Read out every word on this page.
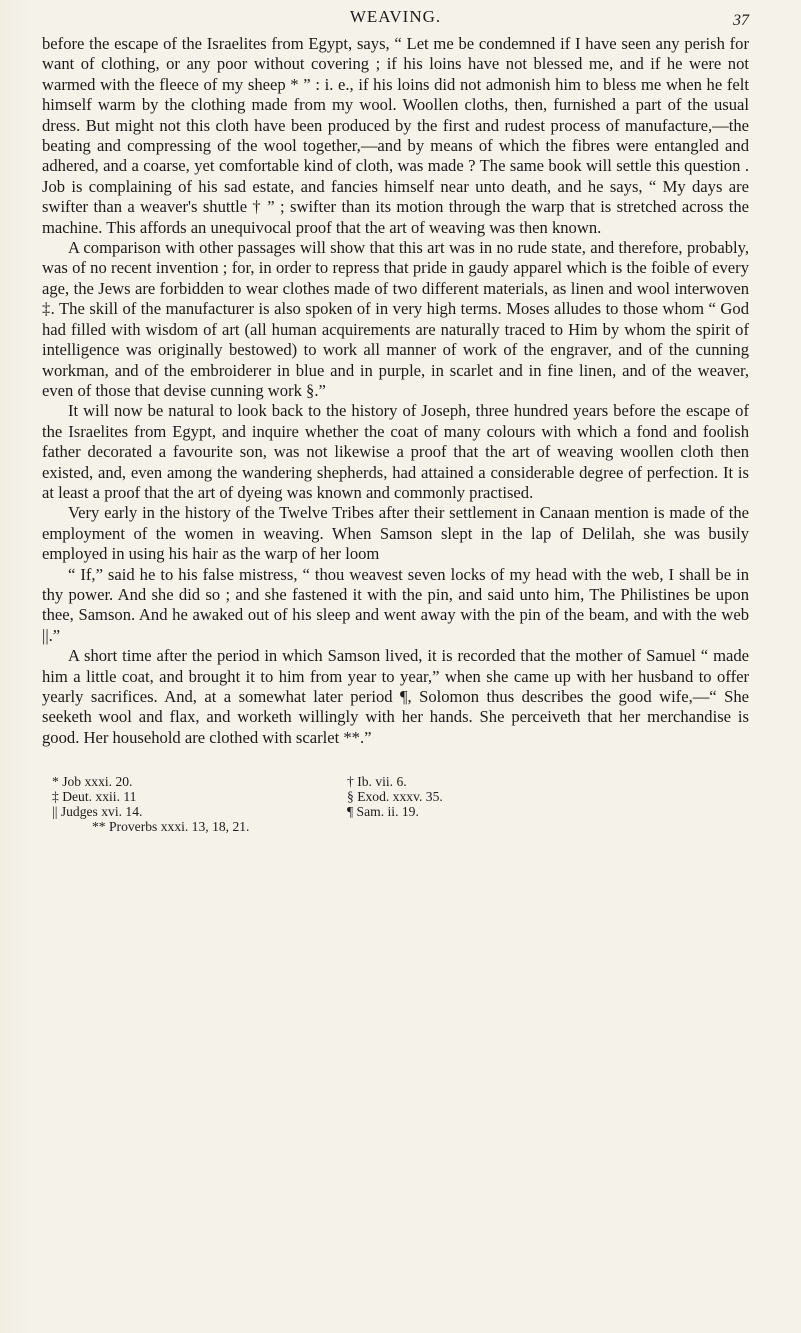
WEAVING.	37

before the escape of the Israelites from Egypt, says, “ Let me be condemned if I have seen any perish for want of clothing, or any poor without covering ; if his loins have not blessed me, and if he were not warmed with the fleece of my sheep * ” : i. e., if his loins did not admonish him to bless me when he felt himself warm by the clothing made from my wool. Woollen cloths, then, furnished a part of the usual dress. But might not this cloth have been produced by the first and rudest process of manufacture,—the beating and compressing of the wool together,—and by means of which the fibres were entangled and adhered, and a coarse, yet comfortable kind of cloth, was made ? The same book will settle this question . Job is complaining of his sad estate, and fancies himself near unto death, and he says, “ My days are swifter than a weaver's shuttle † ” ; swifter than its motion through the warp that is stretched across the machine. This affords an unequivocal proof that the art of weaving was then known.

A comparison with other passages will show that this art was in no rude state, and therefore, probably, was of no recent invention ; for, in order to repress that pride in gaudy apparel which is the foible of every age, the Jews are forbidden to wear clothes made of two different materials, as linen and wool interwoven ‡. The skill of the manufacturer is also spoken of in very high terms. Moses alludes to those whom “ God had filled with wisdom of art (all human acquirements are naturally traced to Him by whom the spirit of intelligence was originally bestowed) to work all manner of work of the engraver, and of the cunning workman, and of the embroiderer in blue and in purple, in scarlet and in fine linen, and of the weaver, even of those that devise cunning work §.”

It will now be natural to look back to the history of Joseph, three hundred years before the escape of the Israelites from Egypt, and inquire whether the coat of many colours with which a fond and foolish father decorated a favourite son, was not likewise a proof that the art of weaving woollen cloth then existed, and, even among the wandering shepherds, had attained a considerable degree of perfection. It is at least a proof that the art of dyeing was known and commonly practised.

Very early in the history of the Twelve Tribes after their settlement in Canaan mention is made of the employment of the women in weaving. When Samson slept in the lap of Delilah, she was busily employed in using his hair as the warp of her loom

“ If,” said he to his false mistress, “ thou weavest seven locks of my head with the web, I shall be in thy power. And she did so ; and she fastened it with the pin, and said unto him, The Philistines be upon thee, Samson. And he awaked out of his sleep and went away with the pin of the beam, and with the web ||.”

A short time after the period in which Samson lived, it is recorded that the mother of Samuel “ made him a little coat, and brought it to him from year to year,” when she came up with her husband to offer yearly sacrifices. And, at a somewhat later period ¶, Solomon thus describes the good wife,—“ She seeketh wool and flax, and worketh willingly with her hands. She perceiveth that her merchandise is good. Her household are clothed with scarlet **.”

* Job xxxi. 20.	† Ib. vii. 6.
‡ Deut. xxii. 11	§ Exod. xxxv. 35.
|| Judges xvi. 14.	¶ Sam. ii. 19.
** Proverbs xxxi. 13, 18, 21.
